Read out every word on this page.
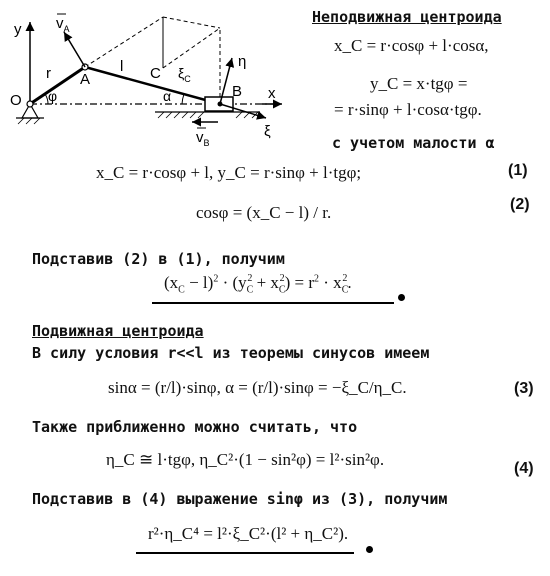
y
x
O
A
B
C
r	l
φ	α
η
ξ
$\xi_C$
$v_A$
$v_B$
Неподвижная центроида
x_C = r·cosφ + l·cosα,
y_C = x·tgφ =
= r·sinφ + l·cosα·tgφ.
с учетом малости α
x_C = r·cosφ + l, y_C = r·sinφ + l·tgφ;	(1)
cosφ = (x_C − l) / r.	(2)
Подставив (2) в (1), получим
$(x_C - l)^2 \cdot (y_C^2 + x_C^2) = r^2 \cdot x_C^2$.
Подвижная центроида
В силу условия r<<l из теоремы синусов имеем
sinα = (r/l)·sinφ, α = (r/l)·sinφ = −ξ_C/η_C.	(3)
Также приближенно можно считать, что
η_C ≅ l·tgφ, η_C²·(1 − sin²φ) = l²·sin²φ.	(4)
Подставив в (4) выражение sinφ из (3), получим
r²·η_C⁴ = l²·ξ_C²·(l² + η_C²).
